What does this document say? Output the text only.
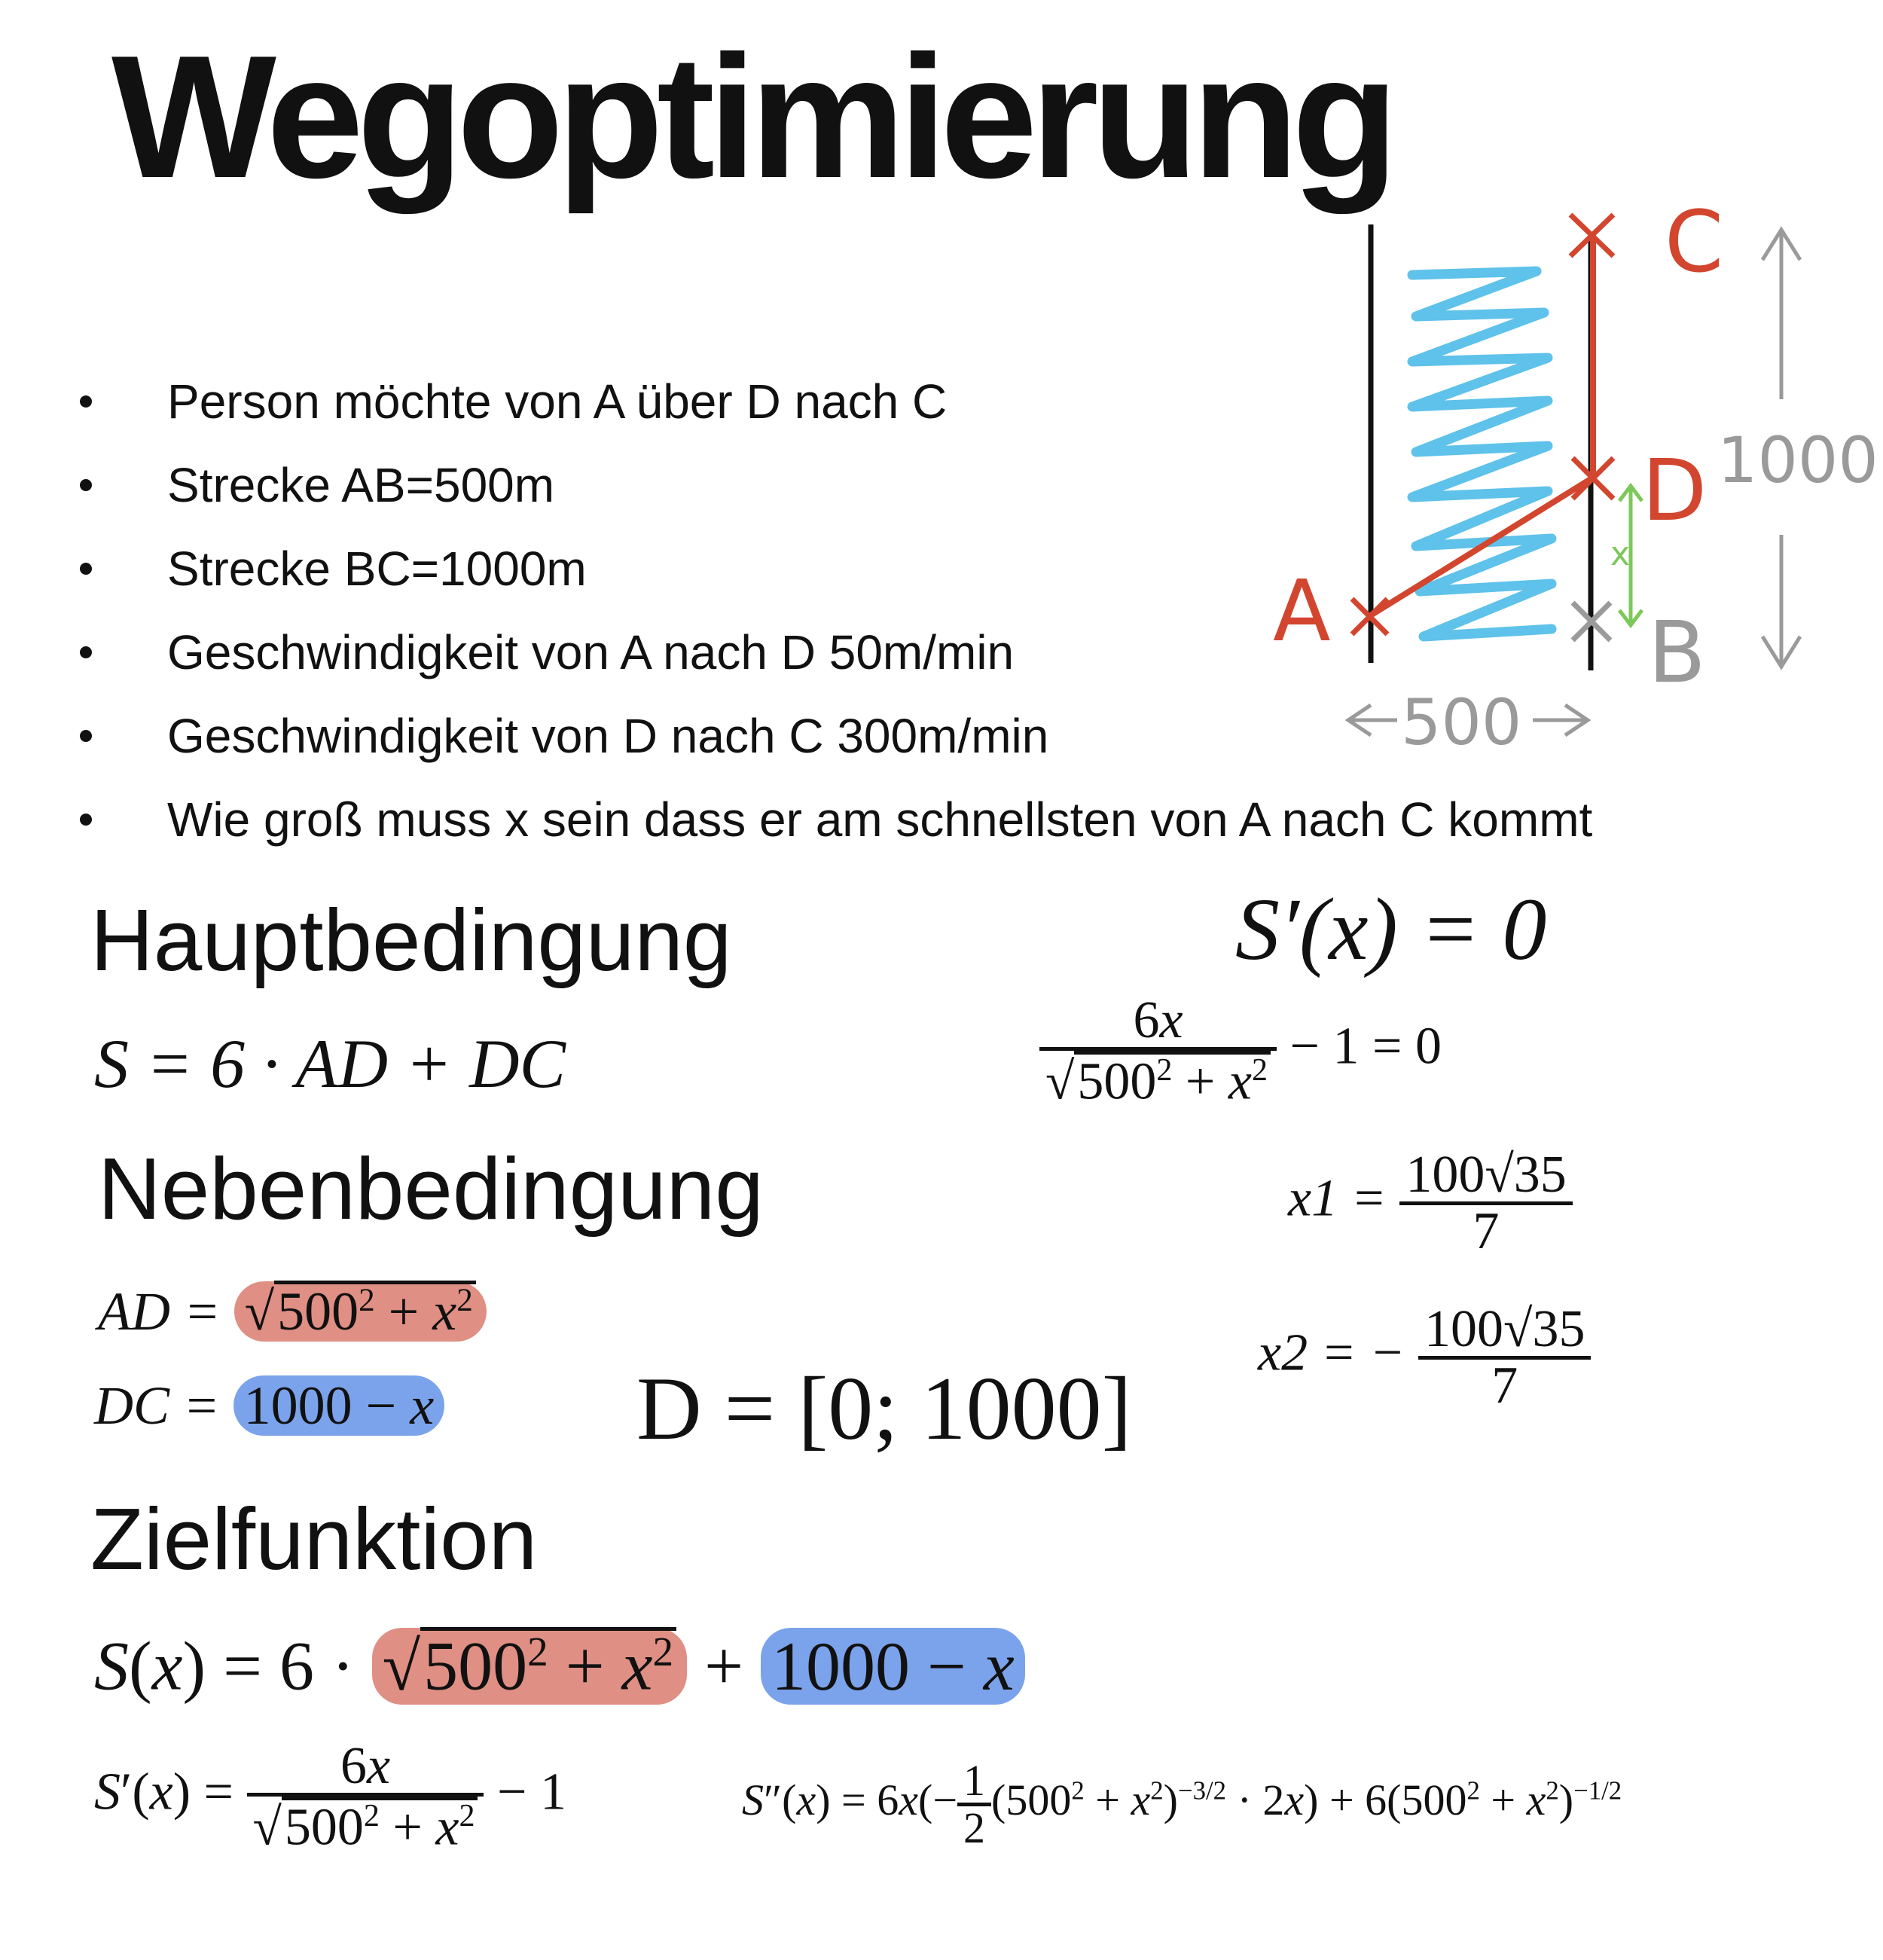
Wegoptimierung
Person möchte von A über D nach C
Strecke AB=500m
Strecke BC=1000m
Geschwindigkeit von A nach D 50m/min
Geschwindigkeit von D nach C 300m/min
Wie groß muss x sein dass er am schnellsten von A nach C kommt
x
1000
500
C
D
A	B
Hauptbedingung
Nebenbedingung
Zielfunktion
S = 6 · AD + DC
AD = $√500^2 + x^2$
DC = 1000 − x D = [0; 1000]
$S(x) = 6 \cdot √500^2 + x^2 + 1000 - x$
$S'(x) = \frac{6x}{√500^2 + x^2} - 1$	$S''(x) = 6x(- \frac{1}{2} (500^2 + x^2)^{-3/2} \cdot 2x) + 6(500^2 + x^2)^{-1/2}$
S′(x) = 0
$\frac{6x}{√500^2 + x^2} - 1 = 0$
$x1 = \frac{100√35}{7}$
x2 = − $\frac{100√35}{7}$
